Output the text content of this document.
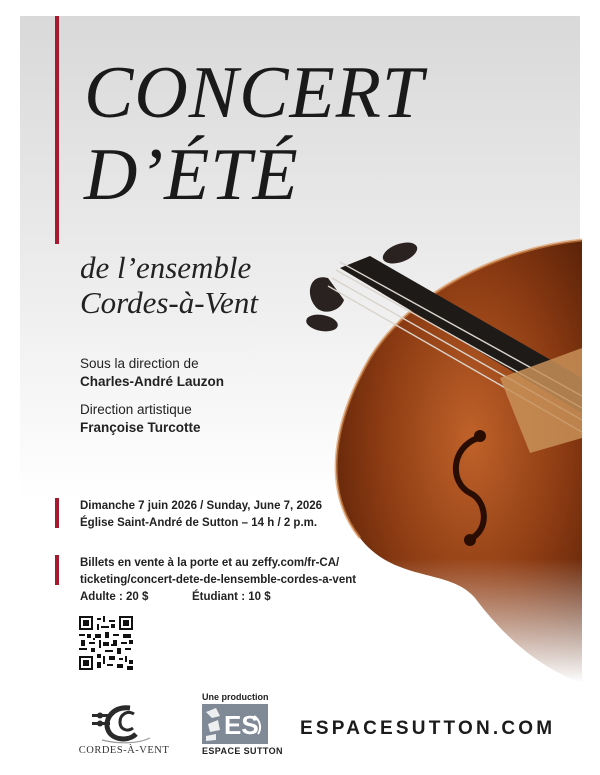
CONCERT
D’ÉTÉ
de l’ensemble
Cordes-à-Vent
Sous la direction de
Charles-André Lauzon
Direction artistique
Françoise Turcotte
Dimanche 7 juin 2026 / Sunday, June 7, 2026
Église Saint-André de Sutton – 14 h / 2 p.m.
Billets en vente à la porte et au zeffy.com/fr-CA/
ticketing/concert-dete-de-lensemble-cordes-a-vent
Adulte : 20 $	Étudiant : 10 $
CORDES-À-VENT
Une production
ES
ESPACE SUTTON
ESPACESUTTON.COM
